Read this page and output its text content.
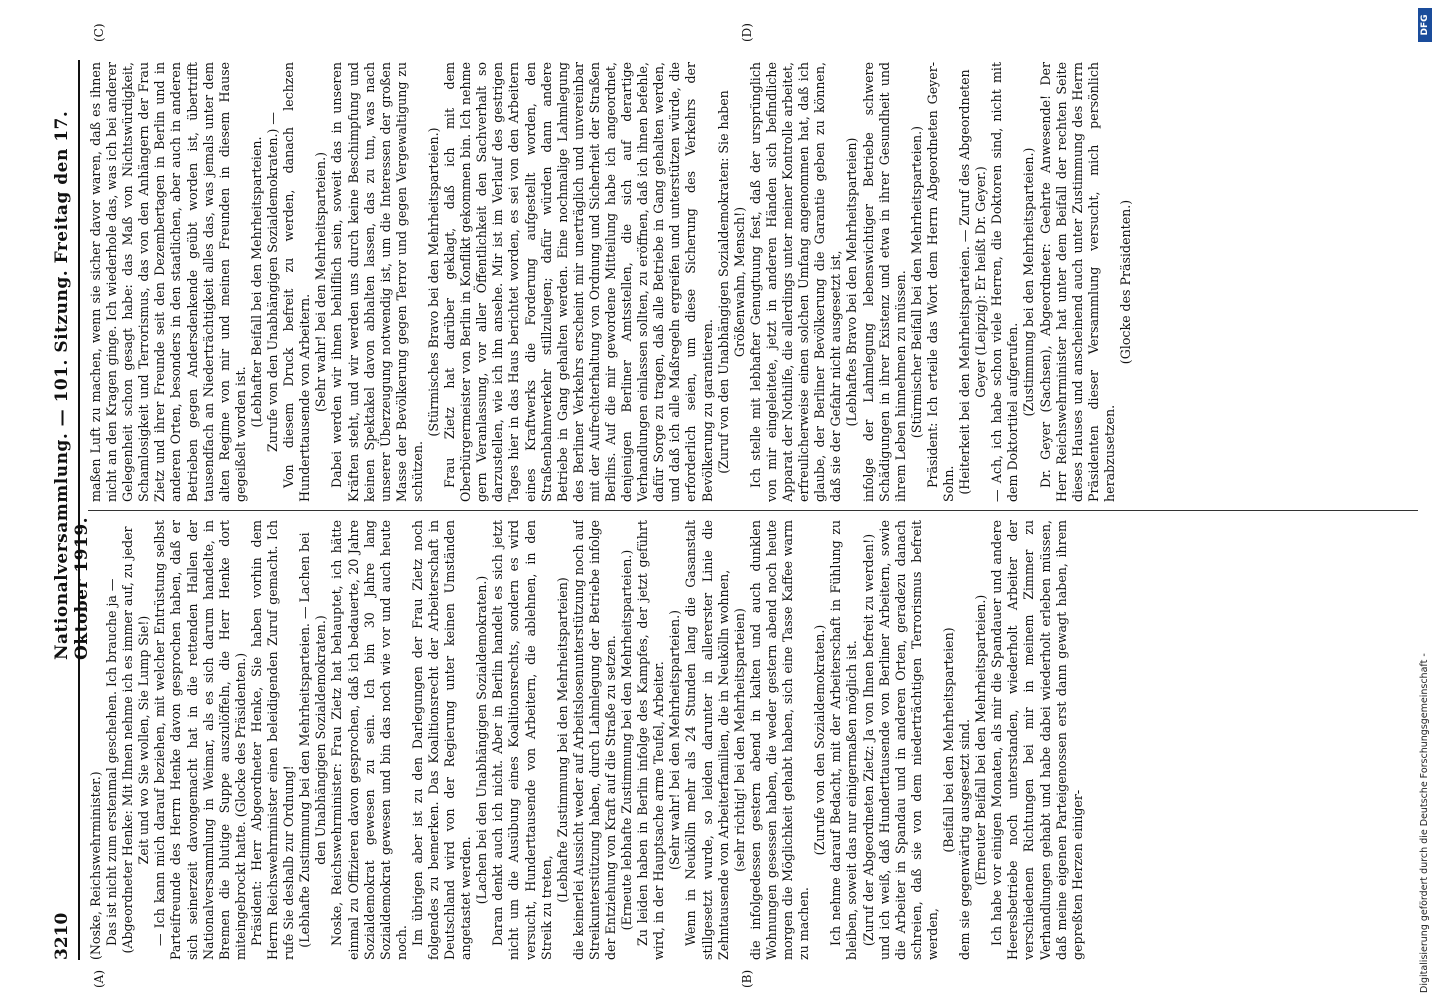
3210
Nationalversammlung. — 101. Sitzung. Freitag den 17. Oktober 1919.
(A)	(B)
(C)	(D)

(Noske, Reichswehrminister.) Das ist nicht zum erstenmal geschehen. Ich brauche ja — (Abgeordneter Henke: Mit Ihnen nehme ich es immer auf, zu jeder Zeit und wo Sie wollen, Sie Lump Sie!) — Ich kann mich darauf beziehen, mit welcher Entrüstung selbst Parteifreunde des Herrn Henke davon gesprochen haben, daß er sich seinerzeit davongemacht hat in die rettenden Hallen der Nationalversammlung in Weimar, als es sich darum handelte, in Bremen die blutige Suppe auszulöffeln, die Herr Henke dort miteingebrockt hatte. (Glocke des Präsidenten.) Präsident: Herr Abgeordneter Henke, Sie haben vorhin dem Herrn Reichswehrminister einen beleidigenden Zuruf gemacht. Ich rufe Sie deshalb zur Ordnung! (Lebhafte Zustimmung bei den Mehrheitsparteien. — Lachen bei den Unabhängigen Sozialdemokraten.) Noske, Reichswehrminister: Frau Zietz hat behauptet, ich hätte einmal zu Offizieren davon gesprochen, daß ich bedauerte, 20 Jahre Sozialdemokrat gewesen zu sein. Ich bin 30 Jahre lang Sozialdemokrat gewesen und bin das noch wie vor und auch heute noch. Im übrigen aber ist zu den Darlegungen der Frau Zietz noch folgendes zu bemerken. Das Koalitionsrecht der Arbeiterschaft in Deutschland wird von der Regierung unter keinen Umständen angetastet werden. (Lachen bei den Unabhängigen Sozialdemokraten.) Daran denkt auch ich nicht. Aber in Berlin handelt es sich jetzt nicht um die Ausübung eines Koalitionsrechts, sondern es wird versucht, Hunderttausende von Arbeitern, die ablehnen, in den Streik zu treten,

(Lebhafte Zustimmung bei den Mehrheitsparteien) die keinerlei Aussicht weder auf Arbeitslosenunterstützung noch auf Streikunterstützung haben, durch Lahmlegung der Betriebe infolge der Entziehung von Kraft auf die Straße zu setzen. (Erneute lebhafte Zustimmung bei den Mehrheitsparteien.) Zu leiden haben in Berlin infolge des Kampfes, der jetzt geführt wird, in der Hauptsache arme Teufel, Arbeiter. (Sehr wahr! bei den Mehrheitsparteien.) Wenn in Neukölln mehr als 24 Stunden lang die Gasanstalt stillgesetzt wurde, so leiden darunter in allererster Linie die Zehntausende von Arbeiterfamilien, die in Neukölln wohnen, (sehr richtig! bei den Mehrheitsparteien) die infolgedessen gestern abend in kalten und auch dunklen Wohnungen gesessen haben, die weder gestern abend noch heute morgen die Möglichkeit gehabt haben, sich eine Tasse Kaffee warm zu machen.

(Zurufe von den Sozialdemokraten.) Ich nehme darauf Bedacht, mit der Arbeiterschaft in Fühlung zu bleiben, soweit das nur einigermaßen möglich ist. (Zuruf der Abgeordneten Zietz: Ja von Ihnen befreit zu werden!) und ich weiß, daß Hunderttausende von Berliner Arbeitern, sowie die Arbeiter in Spandau und in anderen Orten, geradezu danach schreien, daß sie von dem niederträchtigen Terrorismus befreit werden,

(Beifall bei den Mehrheitsparteien) dem sie gegenwärtig ausgesetzt sind. (Erneuter Beifall bei den Mehrheitsparteien.) Ich habe vor einigen Monaten, als mir die Spandauer und andere Heeresbetriebe noch unterstanden, wiederholt Arbeiter der verschiedenen Richtungen bei mir in meinem Zimmer zu Verhandlungen gehabt und habe dabei wiederholt erleben müssen, daß meine eigenen Parteigenossen erst dann gewagt haben, ihrem gepreßten Herzen einiger-

maßen Luft zu machen, wenn sie sicher davor waren, daß es ihnen nicht an den Kragen ginge. Ich wiederhole das, was ich bei anderer Gelegenheit schon gesagt habe: das Maß von Nichtswürdigkeit, Schamlosigkeit und Terrorismus, das von den Anhängern der Frau Zietz und ihrer Freunde seit den Dezembertagen in Berlin und in anderen Orten, besonders in den staatlichen, aber auch in anderen Betrieben gegen Andersdenkende geübt worden ist, übertrifft tausendfach an Niederträchtigkeit alles das, was jemals unter dem alten Regime von mir und meinen Freunden in diesem Hause gegeißelt worden ist.

(Lebhafter Beifall bei den Mehrheitsparteien. Zurufe von den Unabhängigen Sozialdemokraten.) — Von diesem Druck befreit zu werden, danach lechzen Hunderttausende von Arbeitern. (Sehr wahr! bei den Mehrheitsparteien.) Dabei werden wir ihnen behilflich sein, soweit das in unseren Kräften steht, und wir werden uns durch keine Beschimpfung und keinen Spektakel davon abhalten lassen, das zu tun, was nach unserer Überzeugung notwendig ist, um die Interessen der großen Masse der Bevölkerung gegen Terror und gegen Vergewaltigung zu schützen.

(Stürmisches Bravo bei den Mehrheitsparteien.) Frau Zietz hat darüber geklagt, daß ich mit dem Oberbürgermeister von Berlin in Konflikt gekommen bin. Ich nehme gern Veranlassung, vor aller Öffentlichkeit den Sachverhalt so darzustellen, wie ich ihn ansehe. Mir ist im Verlauf des gestrigen Tages hier in das Haus berichtet worden, es sei von den Arbeitern eines Kraftwerks die Forderung aufgestellt worden, den Straßenbahnverkehr stillzulegen; dafür würden dann andere Betriebe in Gang gehalten werden. Eine nochmalige Lahmlegung des Berliner Verkehrs erscheint mir unerträglich und unvereinbar mit der Aufrechterhaltung von Ordnung und Sicherheit der Straßen Berlins. Auf die mir gewordene Mitteilung habe ich angeordnet, denjenigen Berliner Amtsstellen, die sich auf derartige Verhandlungen einlassen sollten, zu eröffnen, daß ich ihnen befehle, dafür Sorge zu tragen, daß alle Betriebe in Gang gehalten werden, und daß ich alle Maßregeln ergreifen und unterstützen würde, die erforderlich seien, um diese Sicherung des Verkehrs der Bevölkerung zu garantieren. (Zuruf von den Unabhängigen Sozialdemokraten: Sie haben Größenwahn, Mensch!) Ich stelle mit lebhafter Genugtuung fest, daß der ursprünglich von mir eingeleitete, jetzt in anderen Händen sich befindliche Apparat der Nothilfe, die allerdings unter meiner Kontrolle arbeitet, erfreulicherweise einen solchen Umfang angenommen hat, daß ich glaube, der Berliner Bevölkerung die Garantie geben zu können, daß sie der Gefahr nicht ausgesetzt ist, (Lebhaftes Bravo bei den Mehrheitsparteien) infolge der Lahmlegung lebenswichtiger Betriebe schwere Schädigungen in ihrer Existenz und etwa in ihrer Gesundheit und ihrem Leben hinnehmen zu müssen. (Stürmischer Beifall bei den Mehrheitsparteien.) Präsident: Ich erteile das Wort dem Herrn Abgeordneten Geyer-Sohn. (Heiterkeit bei den Mehrheitsparteien. — Zuruf des Abgeordneten Geyer (Leipzig): Er heißt Dr. Geyer.) — Ach, ich habe schon viele Herren, die Doktoren sind, nicht mit dem Doktortitel aufgerufen. (Zustimmung bei den Mehrheitsparteien.) Dr. Geyer (Sachsen), Abgeordneter: Geehrte Anwesende! Der Herr Reichswehrminister hat unter dem Beifall der rechten Seite dieses Hauses und anscheinend auch unter Zustimmung des Herrn Präsidenten dieser Versammlung versucht, mich persönlich herabzusetzen.

(Glocke des Präsidenten.)

Digitalisierung gefördert durch die Deutsche Forschungsgemeinschaft -
DFG
